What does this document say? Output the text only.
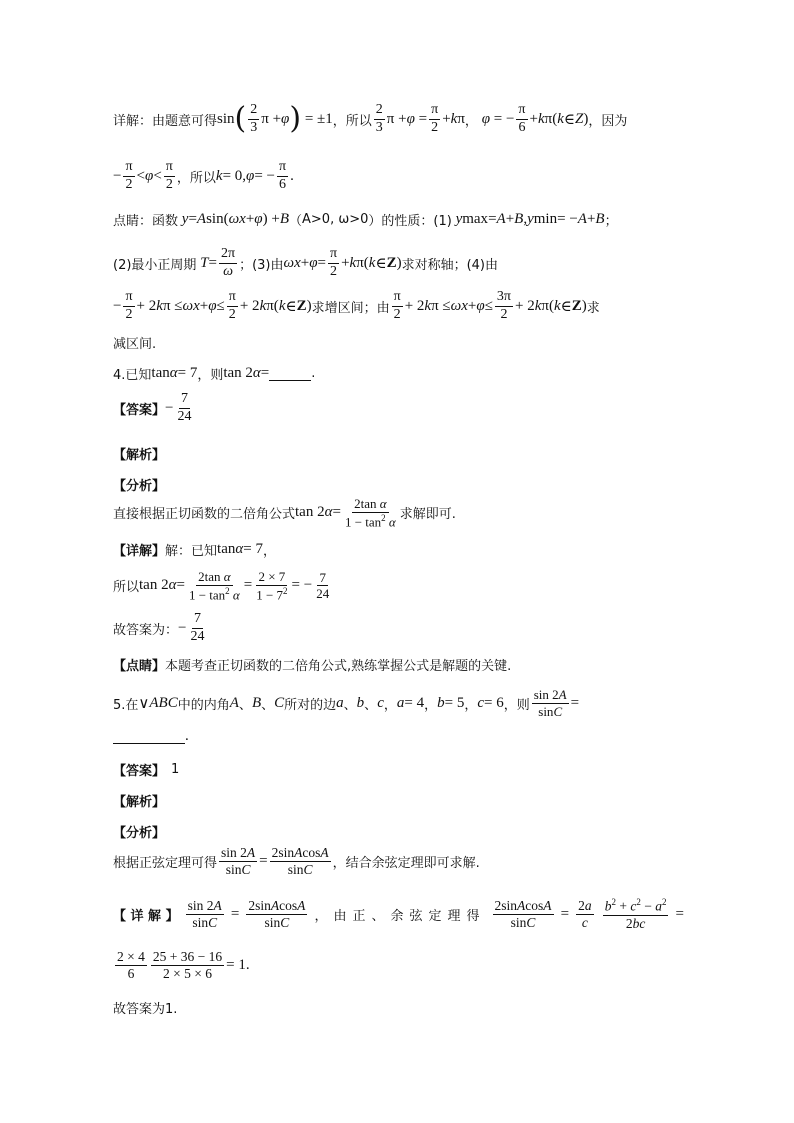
详解：由题意可得 sin ( $\frac{2}{3}$ π + φ ) = ±1 ，所以 $\frac{2}{3}$ $\pi + \varphi = \frac{\pi}{2} + k$ π ， φ = − $\frac{\pi}{6} + k$ π( k ∈ Z ) ，因为
− $\frac{\pi}{2} < \varphi < \frac{\pi}{2}$ ，所以 k = 0, φ = − $\frac{\pi}{6}$ .
点睛：函数 y = A sin( ωx + φ ) + B （ A>0, ω>0 ）的性质：(1) y max = A + B , y min = − A + B ；
(2)最小正周期 $T = \frac{2\pi}{\omega}$ ；(3)由 $\omega x + \varphi = \frac{\pi}{2} + k$ π( k ∈ Z ) 求对称轴；(4)由
− $\frac{\pi}{2} + 2$ k $\pi \le \omega x + \varphi \le \frac{\pi}{2} + 2$ k π( k ∈ Z ) 求增区间；由 $\frac{\pi}{2} + 2$ k $\pi \le \omega x + \varphi \le \frac{3\pi}{2} + 2$ k π( k ∈ Z ) 求
减区间.
4.已知 tan α = 7 ，则 tan 2 α =	.
【答案】 − $\frac{7}{24}$
【解析】
【分析】
直接根据正切函数的二倍角公式 tan 2 $\alpha = \frac{\text{2tan α}}{1 - \tan^2 \alpha}$ 求解即可.
【详解】 解：已知 tan α = 7 ，
所以 tan 2 $\alpha = \frac{\text{2tan α}}{1 - \tan^2 \alpha} = \frac{2 \times 7}{1 - 7^2}$ = − $\frac{7}{24}$
故答案为： − $\frac{7}{24}$
【点睛】 本题考查正切函数的二倍角公式,熟练掌握公式是解题的关键.
5.在 ∨ ABC 中的内角 A 、 B 、 C 所对的边 a 、 b 、 c ， a = 4 ， b = 5 ， c = 6 ，则 $\frac{\sin 2A}{\sin C}$ =
.
【答案】 1
【解析】
【分析】
根据正弦定理可得 $\frac{\sin 2A}{\sin C} = \frac{\text{2sinAcosA}}{\sin C}$ ，结合余弦定理即可求解.
【 详 解 】 $\frac{\sin 2A}{\sin C} = \frac{\text{2sinAcosA}}{\sin C}$ ，由正、余弦定理得 $\frac{\text{2sinAcosA}}{\sin C} = \frac{2a}{c} \frac{b^2 + c^2 - a^2}{2bc}$ =
$\frac{2 \times 4}{6} \frac{25 + 36 - 16}{2 \times 5 \times 6} = 1$.
故答案为1.
